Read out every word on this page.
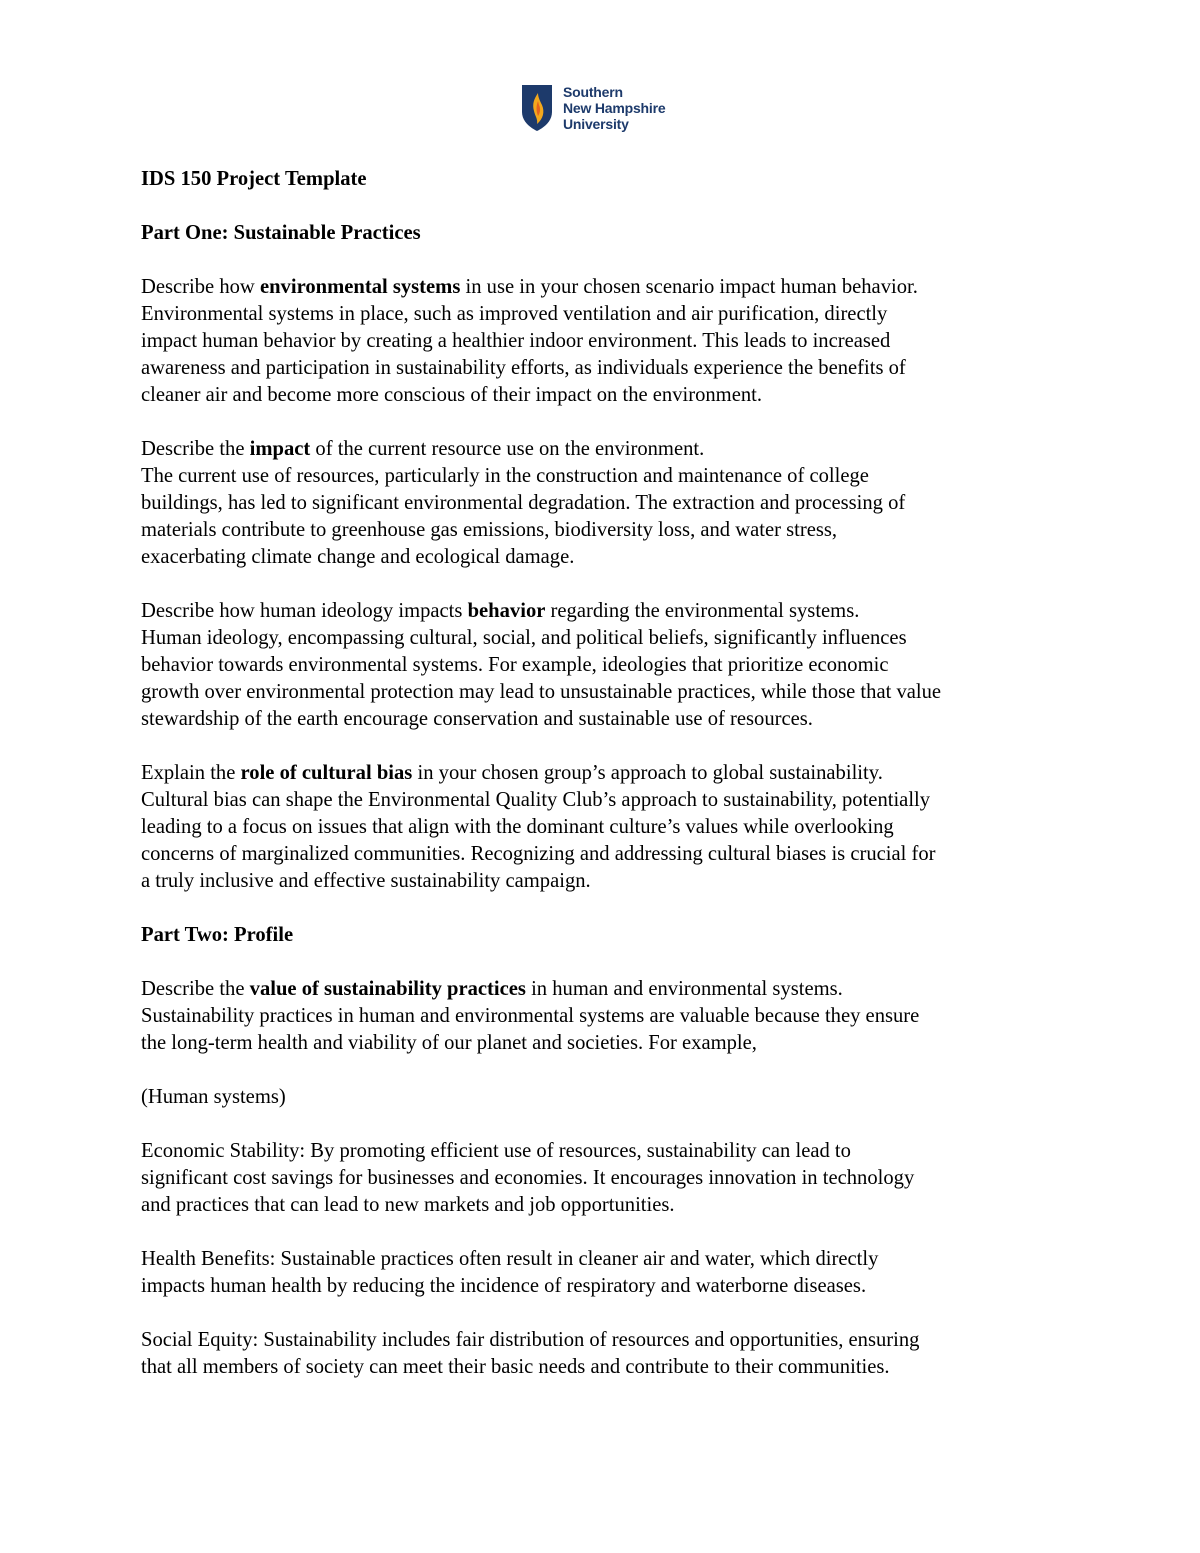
Southern
New Hampshire
University

IDS 150 Project Template

Part One: Sustainable Practices

Describe how environmental systems in use in your chosen scenario impact human behavior.
Environmental systems in place, such as improved ventilation and air purification, directly
impact human behavior by creating a healthier indoor environment. This leads to increased
awareness and participation in sustainability efforts, as individuals experience the benefits of
cleaner air and become more conscious of their impact on the environment.

Describe the impact of the current resource use on the environment.
The current use of resources, particularly in the construction and maintenance of college
buildings, has led to significant environmental degradation. The extraction and processing of
materials contribute to greenhouse gas emissions, biodiversity loss, and water stress,
exacerbating climate change and ecological damage.

Describe how human ideology impacts behavior regarding the environmental systems.
Human ideology, encompassing cultural, social, and political beliefs, significantly influences
behavior towards environmental systems. For example, ideologies that prioritize economic
growth over environmental protection may lead to unsustainable practices, while those that value
stewardship of the earth encourage conservation and sustainable use of resources.

Explain the role of cultural bias in your chosen group’s approach to global sustainability.
Cultural bias can shape the Environmental Quality Club’s approach to sustainability, potentially
leading to a focus on issues that align with the dominant culture’s values while overlooking
concerns of marginalized communities. Recognizing and addressing cultural biases is crucial for
a truly inclusive and effective sustainability campaign.

Part Two: Profile

Describe the value of sustainability practices in human and environmental systems.
Sustainability practices in human and environmental systems are valuable because they ensure
the long-term health and viability of our planet and societies. For example,

(Human systems)

Economic Stability: By promoting efficient use of resources, sustainability can lead to
significant cost savings for businesses and economies. It encourages innovation in technology
and practices that can lead to new markets and job opportunities.

Health Benefits: Sustainable practices often result in cleaner air and water, which directly
impacts human health by reducing the incidence of respiratory and waterborne diseases.

Social Equity: Sustainability includes fair distribution of resources and opportunities, ensuring
that all members of society can meet their basic needs and contribute to their communities.
